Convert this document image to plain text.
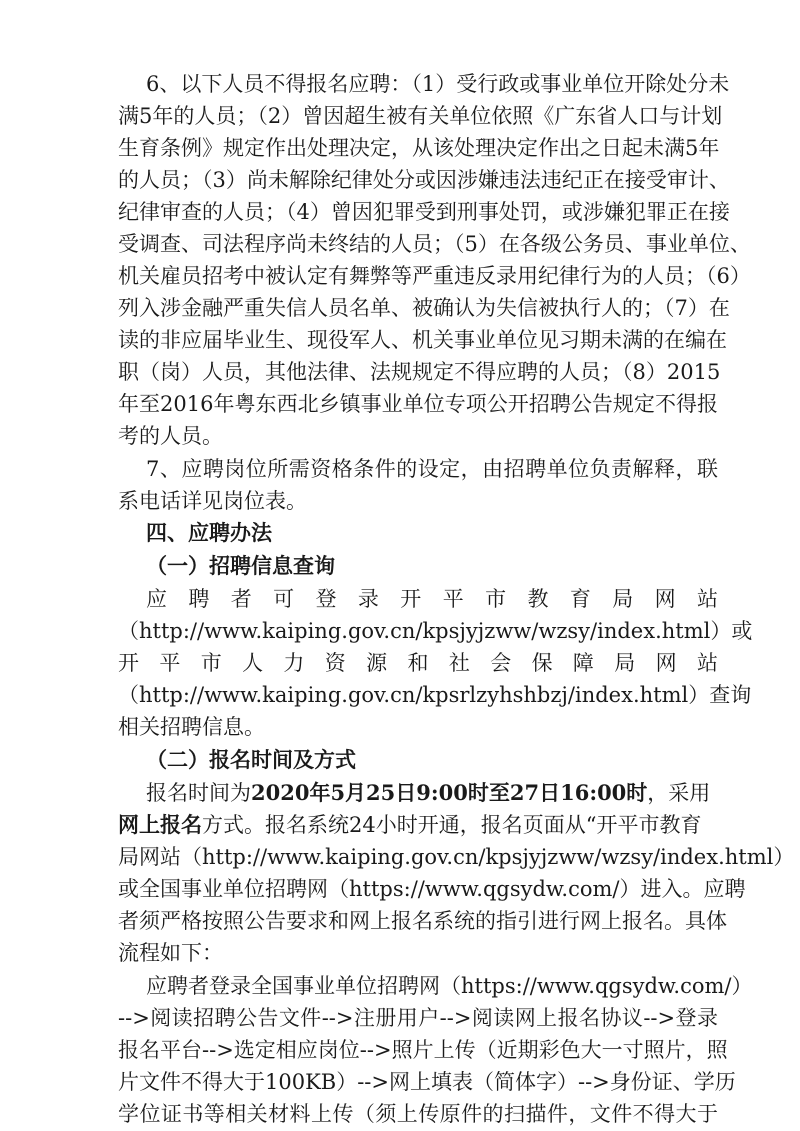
6、以下人员不得报名应聘：（1）受行政或事业单位开除处分未
满5年的人员；（2）曾因超生被有关单位依照《广东省人口与计划
生育条例》规定作出处理决定，从该处理决定作出之日起未满5年
的人员；（3）尚未解除纪律处分或因涉嫌违法违纪正在接受审计、
纪律审查的人员；（4）曾因犯罪受到刑事处罚，或涉嫌犯罪正在接
受调查、司法程序尚未终结的人员；（5）在各级公务员、事业单位、
机关雇员招考中被认定有舞弊等严重违反录用纪律行为的人员；（6）
列入涉金融严重失信人员名单、被确认为失信被执行人的；（7）在
读的非应届毕业生、现役军人、机关事业单位见习期未满的在编在
职（岗）人员，其他法律、法规规定不得应聘的人员；（8）2015
年至2016年粤东西北乡镇事业单位专项公开招聘公告规定不得报
考的人员。
7、应聘岗位所需资格条件的设定，由招聘单位负责解释，联
系电话详见岗位表。
四、应聘办法
（一）招聘信息查询
应聘者可登录开平市教育局网站
（http://www.kaiping.gov.cn/kpsjyjzww/wzsy/index.html）或
开平市人力资源和社会保障局网站
（http://www.kaiping.gov.cn/kpsrlzyhshbzj/index.html）查询
相关招聘信息。
（二）报名时间及方式
报名时间为2020年5月25日9:00时至27日16:00时，采用
网上报名方式。报名系统24小时开通，报名页面从“开平市教育
局网站（http://www.kaiping.gov.cn/kpsjyjzww/wzsy/index.html）
或全国事业单位招聘网（https://www.qgsydw.com/）进入。应聘
者须严格按照公告要求和网上报名系统的指引进行网上报名。具体
流程如下：
应聘者登录全国事业单位招聘网（https://www.qgsydw.com/）
-->阅读招聘公告文件-->注册用户-->阅读网上报名协议-->登录
报名平台-->选定相应岗位-->照片上传（近期彩色大一寸照片，照
片文件不得大于100KB）-->网上填表（简体字）-->身份证、学历
学位证书等相关材料上传（须上传原件的扫描件，文件不得大于
